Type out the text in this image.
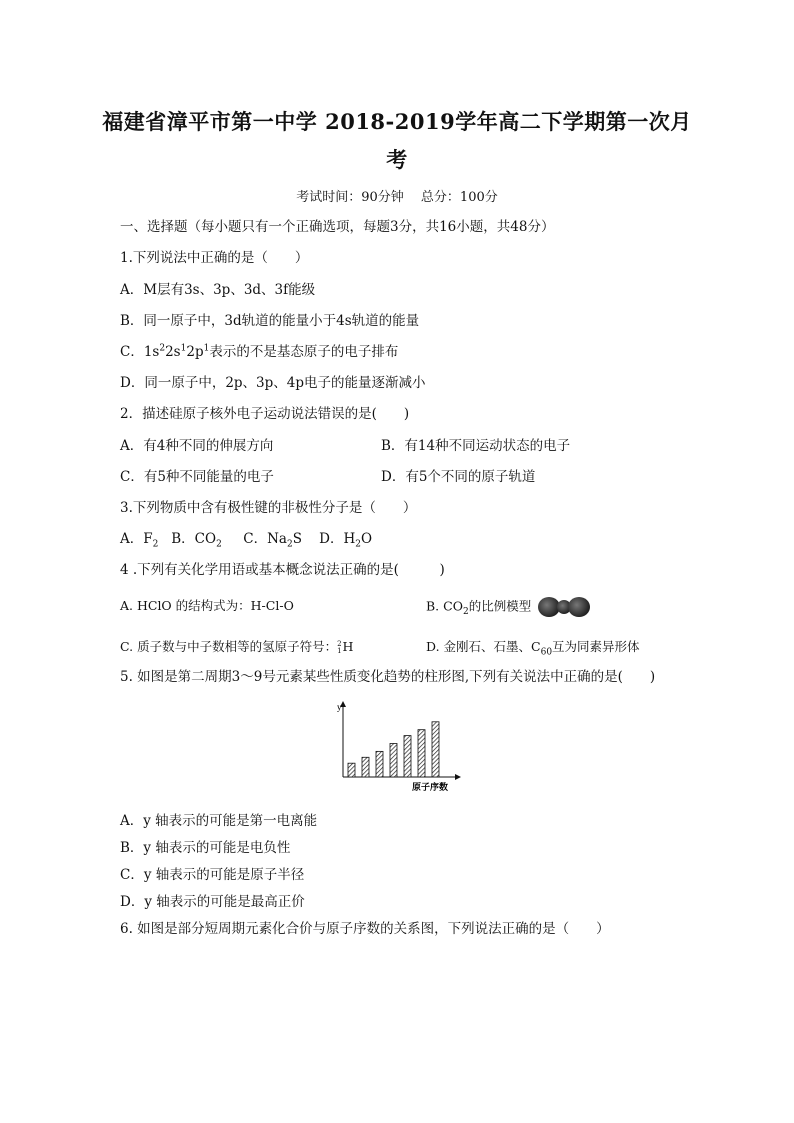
福建省漳平市第一中学 2018-2019学年高二下学期第一次月
考
考试时间：90分钟　 总分：100分
一、选择题（每小题只有一个正确选项，每题3分，共16小题，共48分）
1.下列说法中正确的是（　　）
A．M层有3s、3p、3d、3f能级
B．同一原子中，3d轨道的能量小于4s轨道的能量
C．$1s^22s^12p^1$表示的不是基态原子的电子排布
D．同一原子中，2p、3p、4p电子的能量逐渐减小
2．描述硅原子核外电子运动说法错误的是(　　)
A．有4种不同的伸展方向	B．有14种不同运动状态的电子
C．有5种不同能量的电子	D．有5个不同的原子轨道
3.下列物质中含有极性键的非极性分子是（　　）
A．$F_2$ B．$CO_2$ C．$Na_2S$ D．$H_2O$
4 .下列有关化学用语或基本概念说法正确的是(　　　)
A. HClO 的结构式为：H-Cl-O	B. $CO_2$的比例模型
C. 质子数与中子数相等的氢原子符号： 2
1 H	D. 金刚石、石墨、$C_{60}$互为同素异形体
5. 如图是第二周期3～9号元素某些性质变化趋势的柱形图,下列有关说法中正确的是(　　)
y
原子序数
A．y 轴表示的可能是第一电离能
B．y 轴表示的可能是电负性
C．y 轴表示的可能是原子半径
D．y 轴表示的可能是最高正价
6. 如图是部分短周期元素化合价与原子序数的关系图，下列说法正确的是（　　）
